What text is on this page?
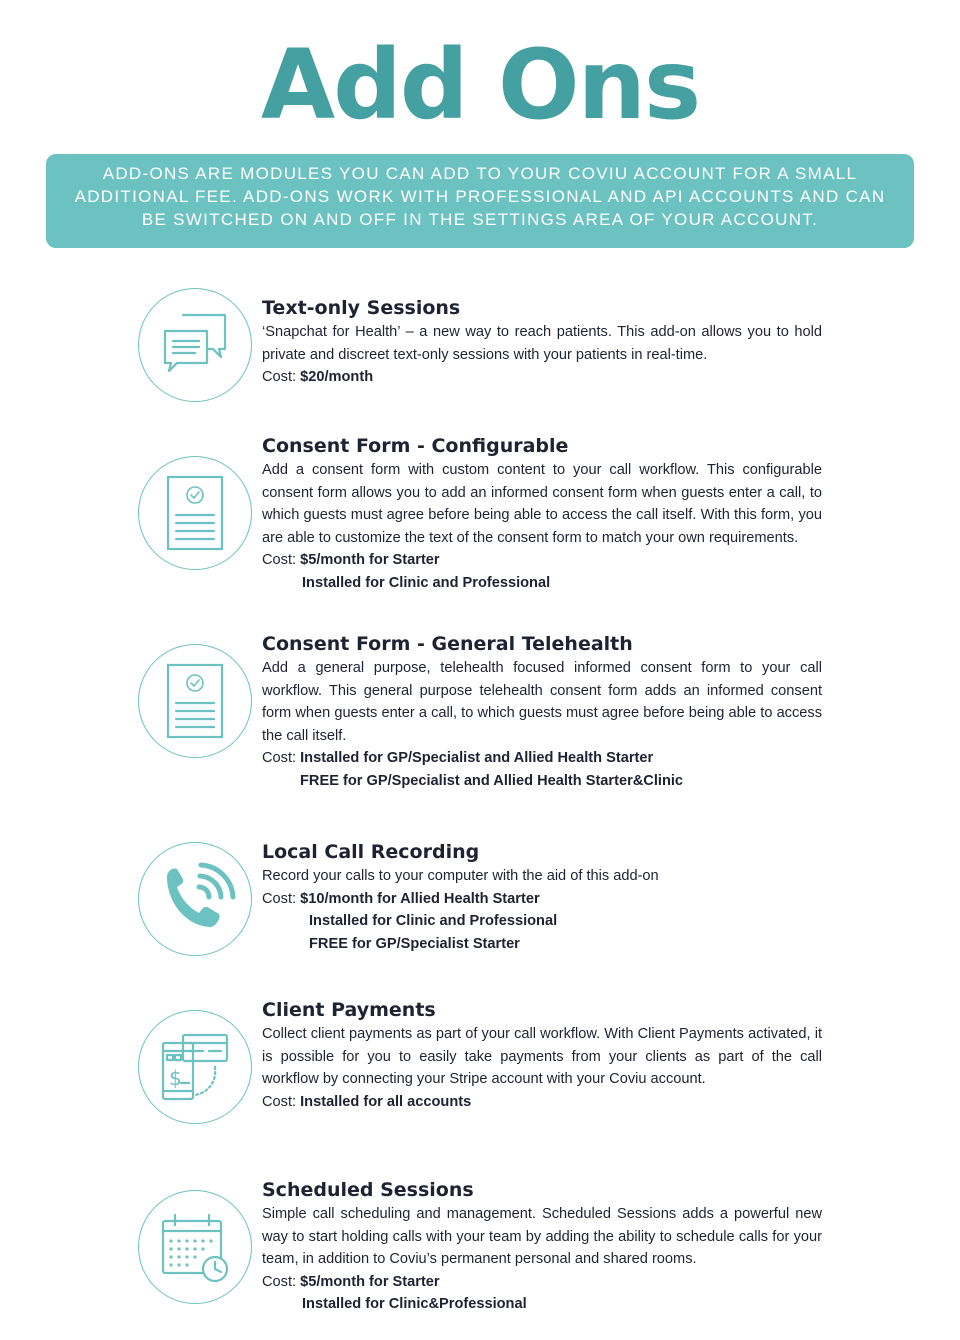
Add Ons
ADD-ONS ARE MODULES YOU CAN ADD TO YOUR COVIU ACCOUNT FOR A SMALL ADDITIONAL FEE. ADD-ONS WORK WITH PROFESSIONAL AND API ACCOUNTS AND CAN BE SWITCHED ON AND OFF IN THE SETTINGS AREA OF YOUR ACCOUNT.
Text-only Sessions

‘Snapchat for Health’ – a new way to reach patients. This add-on allows you to hold private and discreet text-only sessions with your patients in real-time.

Cost: $20/month

Consent Form - Configurable

Add a consent form with custom content to your call workflow. This configurable consent form allows you to add an informed consent form when guests enter a call, to which guests must agree before being able to access the call itself. With this form, you are able to customize the text of the consent form to match your own requirements.

Cost: $5/month for Starter

Installed for Clinic and Professional

Consent Form - General Telehealth

Add a general purpose, telehealth focused informed consent form to your call workflow. This general purpose telehealth consent form adds an informed consent form when guests enter a call, to which guests must agree before being able to access the call itself.

Cost: Installed for GP/Specialist and Allied Health Starter

FREE for GP/Specialist and Allied Health Starter&Clinic

Local Call Recording

Record your calls to your computer with the aid of this add-on

Cost: $10/month for Allied Health Starter

Installed for Clinic and Professional

FREE for GP/Specialist Starter

$
Client Payments

Collect client payments as part of your call workflow. With Client Payments activated, it is possible for you to easily take payments from your clients as part of the call workflow by connecting your Stripe account with your Coviu account.

Cost: Installed for all accounts

Scheduled Sessions

Simple call scheduling and management. Scheduled Sessions adds a powerful new way to start holding calls with your team by adding the ability to schedule calls for your team, in addition to Coviu’s permanent personal and shared rooms.

Cost: $5/month for Starter

Installed for Clinic&Professional
